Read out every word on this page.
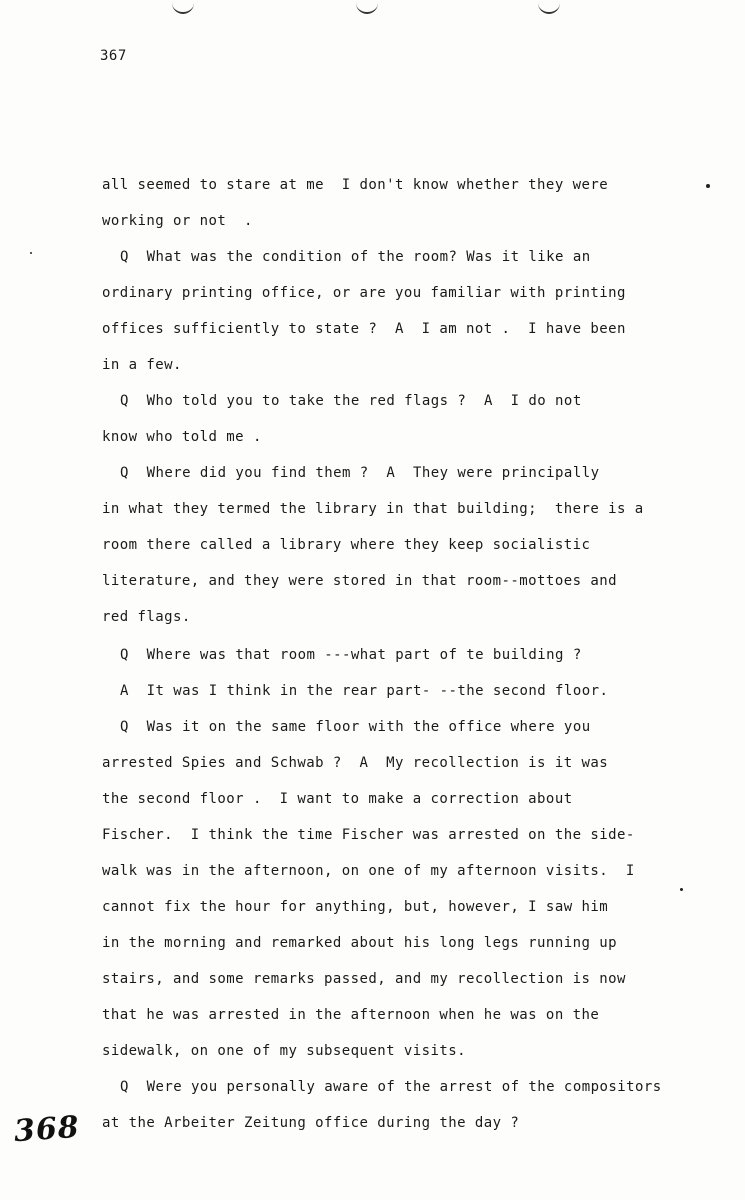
367
all seemed to stare at me  I don't know whether they were
working or not  .
Q  What was the condition of the room? Was it like an
ordinary printing office, or are you familiar with printing
offices sufficiently to state ?  A  I am not .  I have been
in a few.
Q  Who told you to take the red flags ?  A  I do not
know who told me .
Q  Where did you find them ?  A  They were principally
in what they termed the library in that building;  there is a
room there called a library where they keep socialistic
literature, and they were stored in that room--mottoes and
red flags.
Q  Where was that room ---what part of te building ?
A  It was I think in the rear part- --the second floor.
Q  Was it on the same floor with the office where you
arrested Spies and Schwab ?  A  My recollection is it was
the second floor .  I want to make a correction about
Fischer.  I think the time Fischer was arrested on the side-
walk was in the afternoon, on one of my afternoon visits.  I
cannot fix the hour for anything, but, however, I saw him
in the morning and remarked about his long legs running up
stairs, and some remarks passed, and my recollection is now
that he was arrested in the afternoon when he was on the
sidewalk, on one of my subsequent visits.
Q  Were you personally aware of the arrest of the compositors
at the Arbeiter Zeitung office during the day ?
368
